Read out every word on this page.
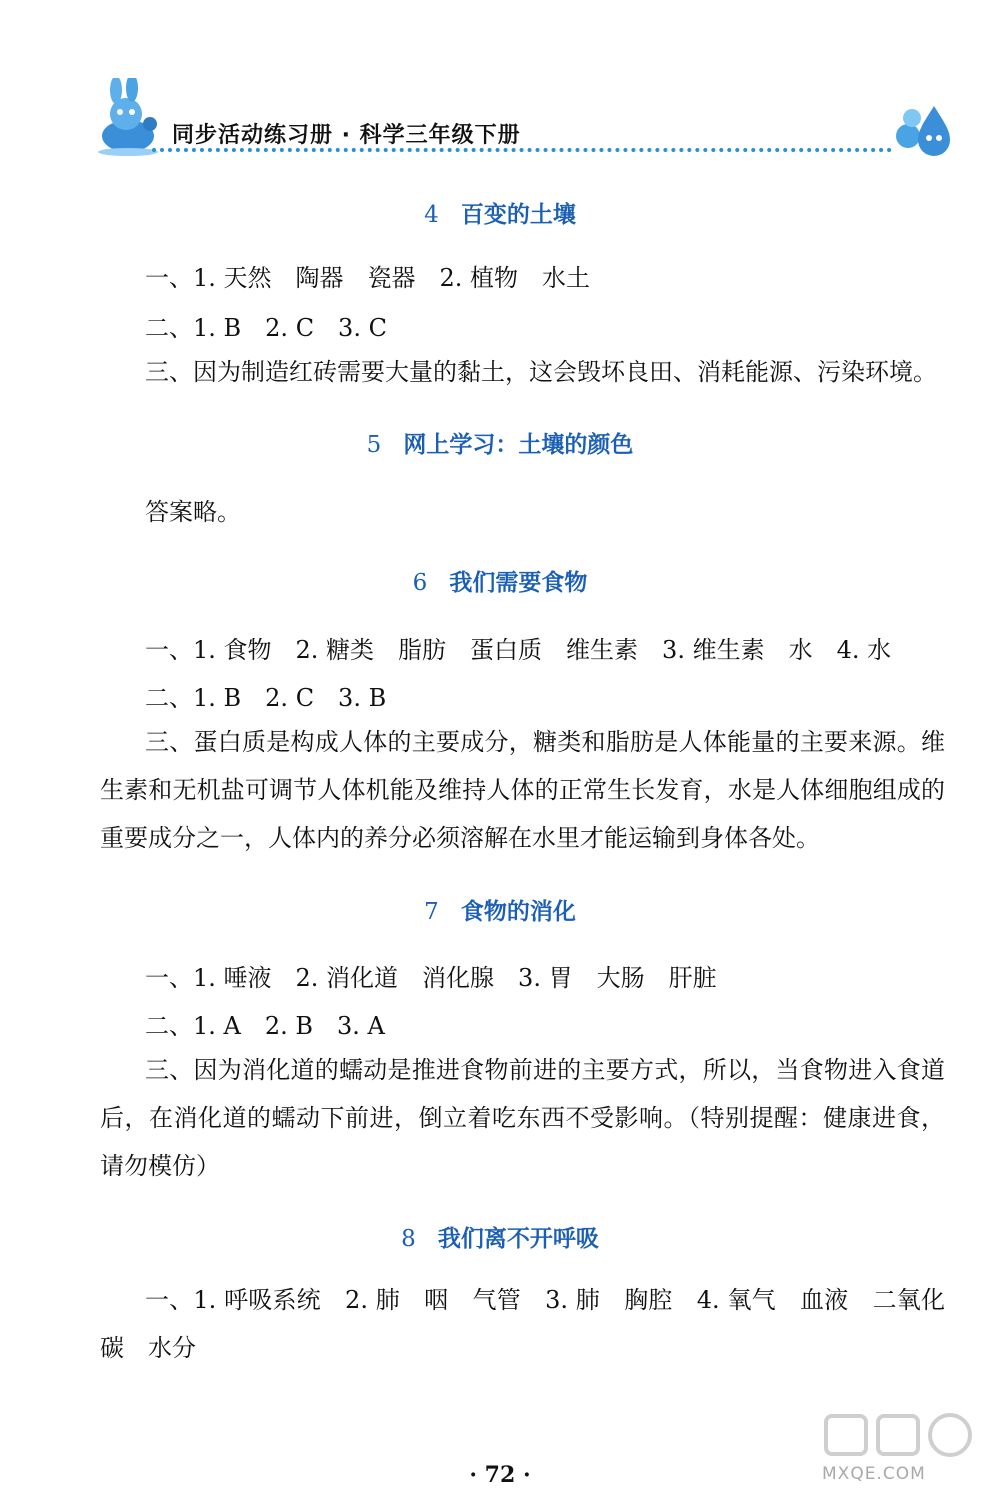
同步活动练习册 · 科学三年级下册
4 百变的土壤
一、1. 天然　陶器　瓷器　2. 植物　水土
二、1. B　2. C　3. C
三、因为制造红砖需要大量的黏土，这会毁坏良田、消耗能源、污染环境。
5 网上学习：土壤的颜色
答案略。
6 我们需要食物
一、1. 食物　2. 糖类　脂肪　蛋白质　维生素　3. 维生素　水　4. 水
二、1. B　2. C　3. B
三、蛋白质是构成人体的主要成分，糖类和脂肪是人体能量的主要来源。维生素和无机盐可调节人体机能及维持人体的正常生长发育，水是人体细胞组成的重要成分之一，人体内的养分必须溶解在水里才能运输到身体各处。
7 食物的消化
一、1. 唾液　2. 消化道　消化腺　3. 胃　大肠　肝脏
二、1. A　2. B　3. A
三、因为消化道的蠕动是推进食物前进的主要方式，所以，当食物进入食道后，在消化道的蠕动下前进，倒立着吃东西不受影响。（特别提醒：健康进食，请勿模仿）
8 我们离不开呼吸
一、1. 呼吸系统　2. 肺　咽　气管　3. 肺　胸腔　4. 氧气　血液　二氧化碳　水分
· 72 ·	MXQE.COM
